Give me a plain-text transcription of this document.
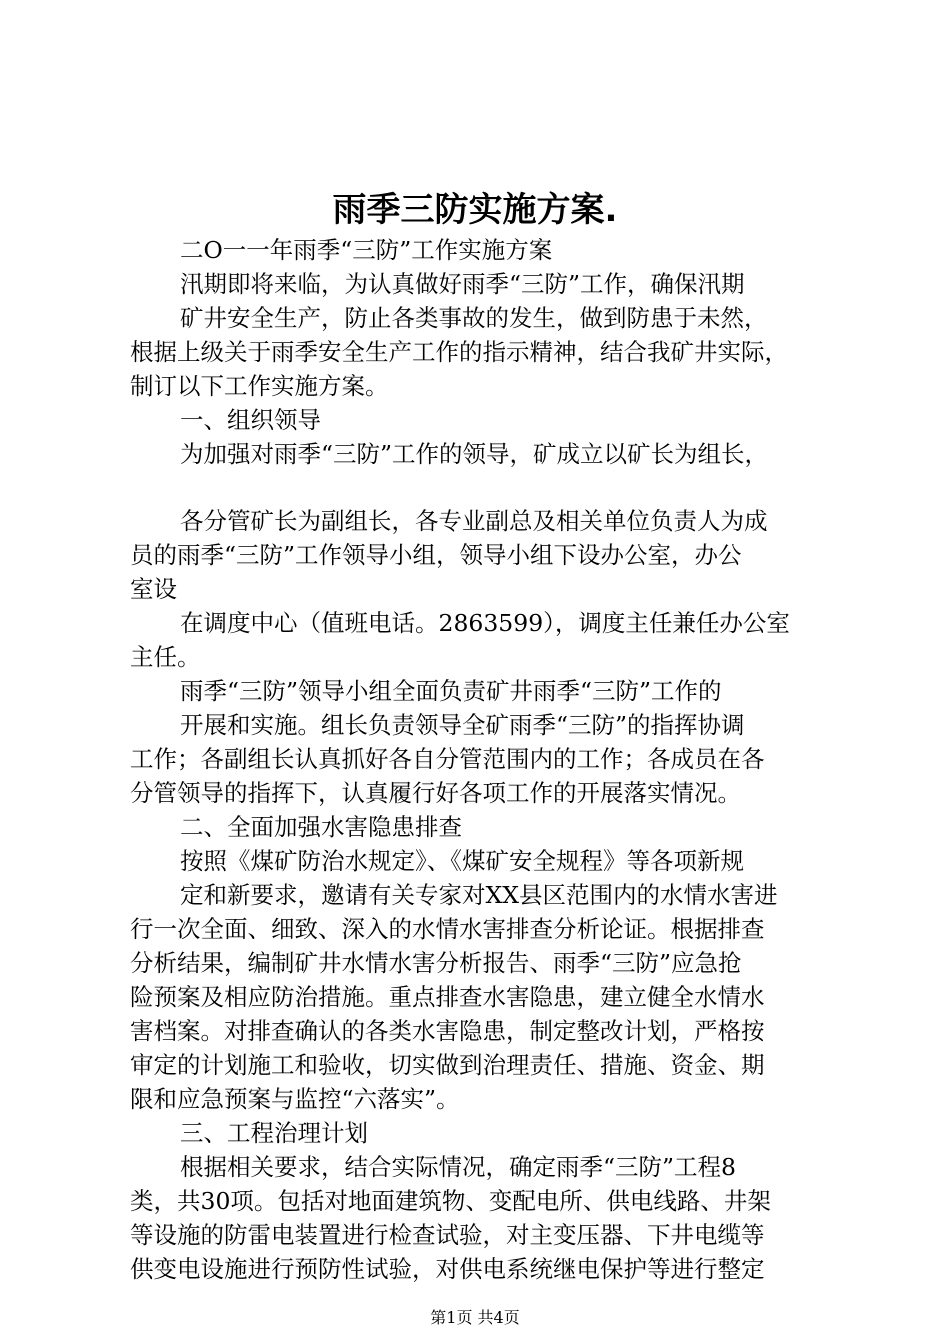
雨季三防实施方案.
二O一一年雨季“三防”工作实施方案
汛期即将来临，为认真做好雨季“三防”工作，确保汛期
矿井安全生产，防止各类事故的发生，做到防患于未然，
根据上级关于雨季安全生产工作的指示精神，结合我矿井实际，
制订以下工作实施方案。
一、组织领导
为加强对雨季“三防”工作的领导，矿成立以矿长为组长，
各分管矿长为副组长，各专业副总及相关单位负责人为成
员的雨季“三防”工作领导小组，领导小组下设办公室，办公
室设
在调度中心（值班电话。2863599），调度主任兼任办公室
主任。
雨季“三防”领导小组全面负责矿井雨季“三防”工作的
开展和实施。组长负责领导全矿雨季“三防”的指挥协调
工作；各副组长认真抓好各自分管范围内的工作；各成员在各
分管领导的指挥下，认真履行好各项工作的开展落实情况。
二、全面加强水害隐患排查
按照《煤矿防治水规定》、《煤矿安全规程》等各项新规
定和新要求，邀请有关专家对XX县区范围内的水情水害进
行一次全面、细致、深入的水情水害排查分析论证。根据排查
分析结果，编制矿井水情水害分析报告、雨季“三防”应急抢
险预案及相应防治措施。重点排查水害隐患，建立健全水情水
害档案。对排查确认的各类水害隐患，制定整改计划，严格按
审定的计划施工和验收，切实做到治理责任、措施、资金、期
限和应急预案与监控“六落实”。
三、工程治理计划
根据相关要求，结合实际情况，确定雨季“三防”工程8
类，共30项。包括对地面建筑物、变配电所、供电线路、井架
等设施的防雷电装置进行检查试验，对主变压器、下井电缆等
供变电设施进行预防性试验，对供电系统继电保护等进行整定
第1页 共4页
